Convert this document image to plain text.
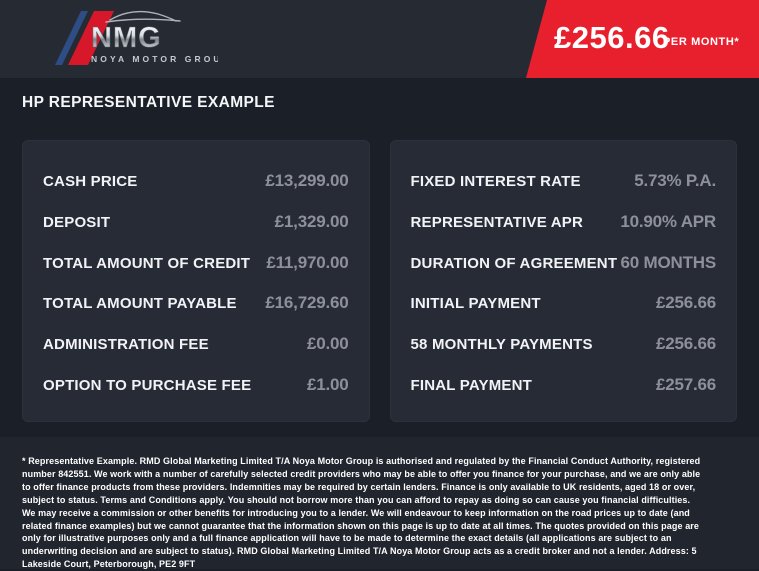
NMG
NOYA MOTOR GROUP
£256.66
PER MONTH*
HP REPRESENTATIVE EXAMPLE
CASH PRICE	£13,299.00
DEPOSIT	£1,329.00
TOTAL AMOUNT OF CREDIT £11,970.00
TOTAL AMOUNT PAYABLE £16,729.60
ADMINISTRATION FEE	£0.00
OPTION TO PURCHASE FEE	£1.00
FIXED INTEREST RATE	5.73% P.A.
REPRESENTATIVE APR 10.90% APR
DURATION OF AGREEMENT 60 MONTHS
INITIAL PAYMENT	£256.66
58 MONTHLY PAYMENTS	£256.66
FINAL PAYMENT	£257.66

* Representative Example. RMD Global Marketing Limited T/A Noya Motor Group is authorised and regulated by the Financial Conduct Authority, registered number 842551. We work with a number of carefully selected credit providers who may be able to offer you finance for your purchase, and we are only able to offer finance products from these providers. Indemnities may be required by certain lenders. Finance is only available to UK residents, aged 18 or over, subject to status. Terms and Conditions apply. You should not borrow more than you can afford to repay as doing so can cause you financial difficulties. We may receive a commission or other benefits for introducing you to a lender. We will endeavour to keep information on the road prices up to date (and related finance examples) but we cannot guarantee that the information shown on this page is up to date at all times. The quotes provided on this page are only for illustrative purposes only and a full finance application will have to be made to determine the exact details (all applications are subject to an underwriting decision and are subject to status). RMD Global Marketing Limited T/A Noya Motor Group acts as a credit broker and not a lender. Address: 5 Lakeside Court, Peterborough, PE2 9FT
